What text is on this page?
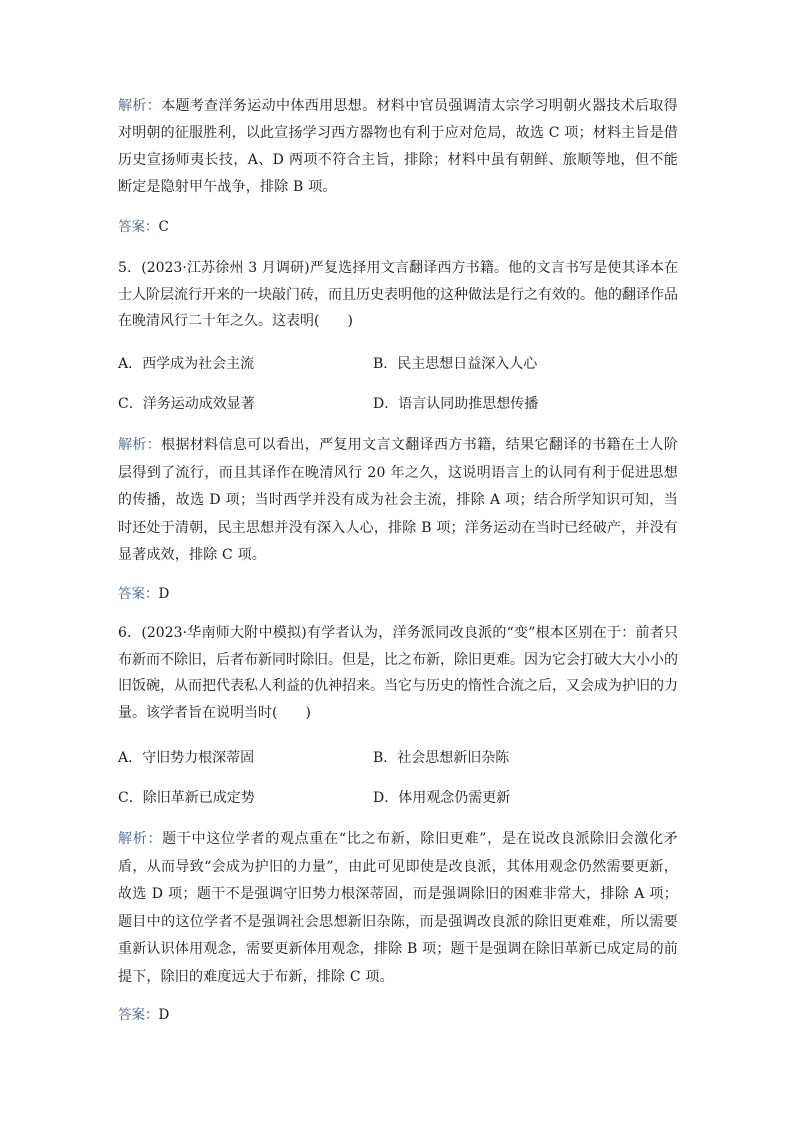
解析：本题考查洋务运动中体西用思想。材料中官员强调清太宗学习明朝火器技术后取得对明朝的征服胜利，以此宣扬学习西方器物也有利于应对危局，故选 C 项；材料主旨是借历史宣扬师夷长技，A、D 两项不符合主旨，排除；材料中虽有朝鲜、旅顺等地，但不能断定是隐射甲午战争，排除 B 项。
答案：C
5．(2023·江苏徐州 3 月调研)严复选择用文言翻译西方书籍。他的文言书写是使其译本在士人阶层流行开来的一块敲门砖，而且历史表明他的这种做法是行之有效的。他的翻译作品在晚清风行二十年之久。这表明(　　)
A．西学成为社会主流	B．民主思想日益深入人心
C．洋务运动成效显著	D．语言认同助推思想传播
解析：根据材料信息可以看出，严复用文言文翻译西方书籍，结果它翻译的书籍在士人阶层得到了流行，而且其译作在晚清风行 20 年之久，这说明语言上的认同有利于促进思想的传播，故选 D 项；当时西学并没有成为社会主流，排除 A 项；结合所学知识可知，当时还处于清朝，民主思想并没有深入人心，排除 B 项；洋务运动在当时已经破产，并没有显著成效，排除 C 项。
答案：D
6．(2023·华南师大附中模拟)有学者认为，洋务派同改良派的“变”根本区别在于：前者只布新而不除旧，后者布新同时除旧。但是，比之布新，除旧更难。因为它会打破大大小小的旧饭碗，从而把代表私人利益的仇神招来。当它与历史的惰性合流之后，又会成为护旧的力量。该学者旨在说明当时(　　)
A．守旧势力根深蒂固	B．社会思想新旧杂陈
C．除旧革新已成定势	D．体用观念仍需更新
解析：题干中这位学者的观点重在“比之布新，除旧更难”，是在说改良派除旧会激化矛盾，从而导致“会成为护旧的力量”，由此可见即使是改良派，其体用观念仍然需要更新，故选 D 项；题干不是强调守旧势力根深蒂固，而是强调除旧的困难非常大，排除 A 项；题目中的这位学者不是强调社会思想新旧杂陈，而是强调改良派的除旧更难难，所以需要重新认识体用观念，需要更新体用观念，排除 B 项；题干是强调在除旧革新已成定局的前提下，除旧的难度远大于布新，排除 C 项。
答案：D
